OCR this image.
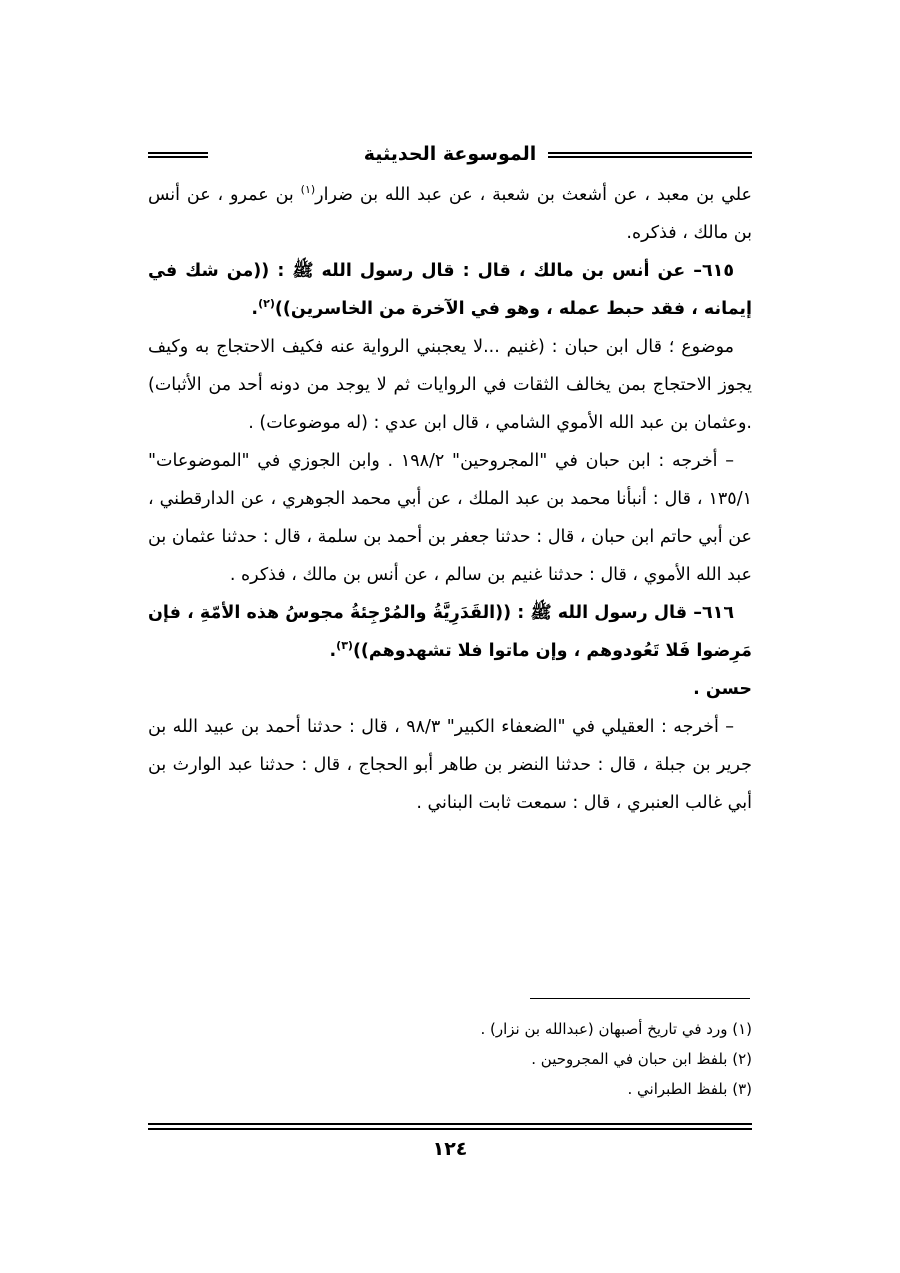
الموسوعة الحديثية

علي بن معبد ، عن أشعث بن شعبة ، عن عبد الله بن ضرار$^{(١)}$ بن عمرو ، عن أنس بن مالك ، فذكره.

٦١٥– عن أنس بن مالك ، قال : قال رسول الله ﷺ : ((من شك في إيمانه ، فقد حبط عمله ، وهو في الآخرة من الخاسرين))$^{(٢)}$.

موضوع ؛ قال ابن حبان : (غنيم ...لا يعجبني الرواية عنه فكيف الاحتجاج به وكيف يجوز الاحتجاج بمن يخالف الثقات في الروايات ثم لا يوجد من دونه أحد من الأثبات) .وعثمان بن عبد الله الأموي الشامي ، قال ابن عدي : (له موضوعات) .

– أخرجه : ابن حبان في "المجروحين" ١٩٨/٢ . وابن الجوزي في "الموضوعات" ١٣٥/١ ، قال : أنبأنا محمد بن عبد الملك ، عن أبي محمد الجوهري ، عن الدارقطني ، عن أبي حاتم ابن حبان ، قال : حدثنا جعفر بن أحمد بن سلمة ، قال : حدثنا عثمان بن عبد الله الأموي ، قال : حدثنا غنيم بن سالم ، عن أنس بن مالك ، فذكره .

٦١٦– قال رسول الله ﷺ : ((القَدَرِيَّةُ والمُرْجِئةُ مجوسُ هذه الأمّةِ ، فإن مَرِضوا فَلا تَعُودوهم ، وإن ماتوا فلا تشهدوهم))$^{(٣)}$.

حسن .

– أخرجه : العقيلي في "الضعفاء الكبير" ٩٨/٣ ، قال : حدثنا أحمد بن عبيد الله بن جرير بن جبلة ، قال : حدثنا النضر بن طاهر أبو الحجاج ، قال : حدثنا عبد الوارث بن أبي غالب العنبري ، قال : سمعت ثابت البناني .

(١) ورد في تاريخ أصبهان (عبدالله بن نزار) .

(٢) بلفظ ابن حبان في المجروحين .

(٣) بلفظ الطبراني .

١٢٤
